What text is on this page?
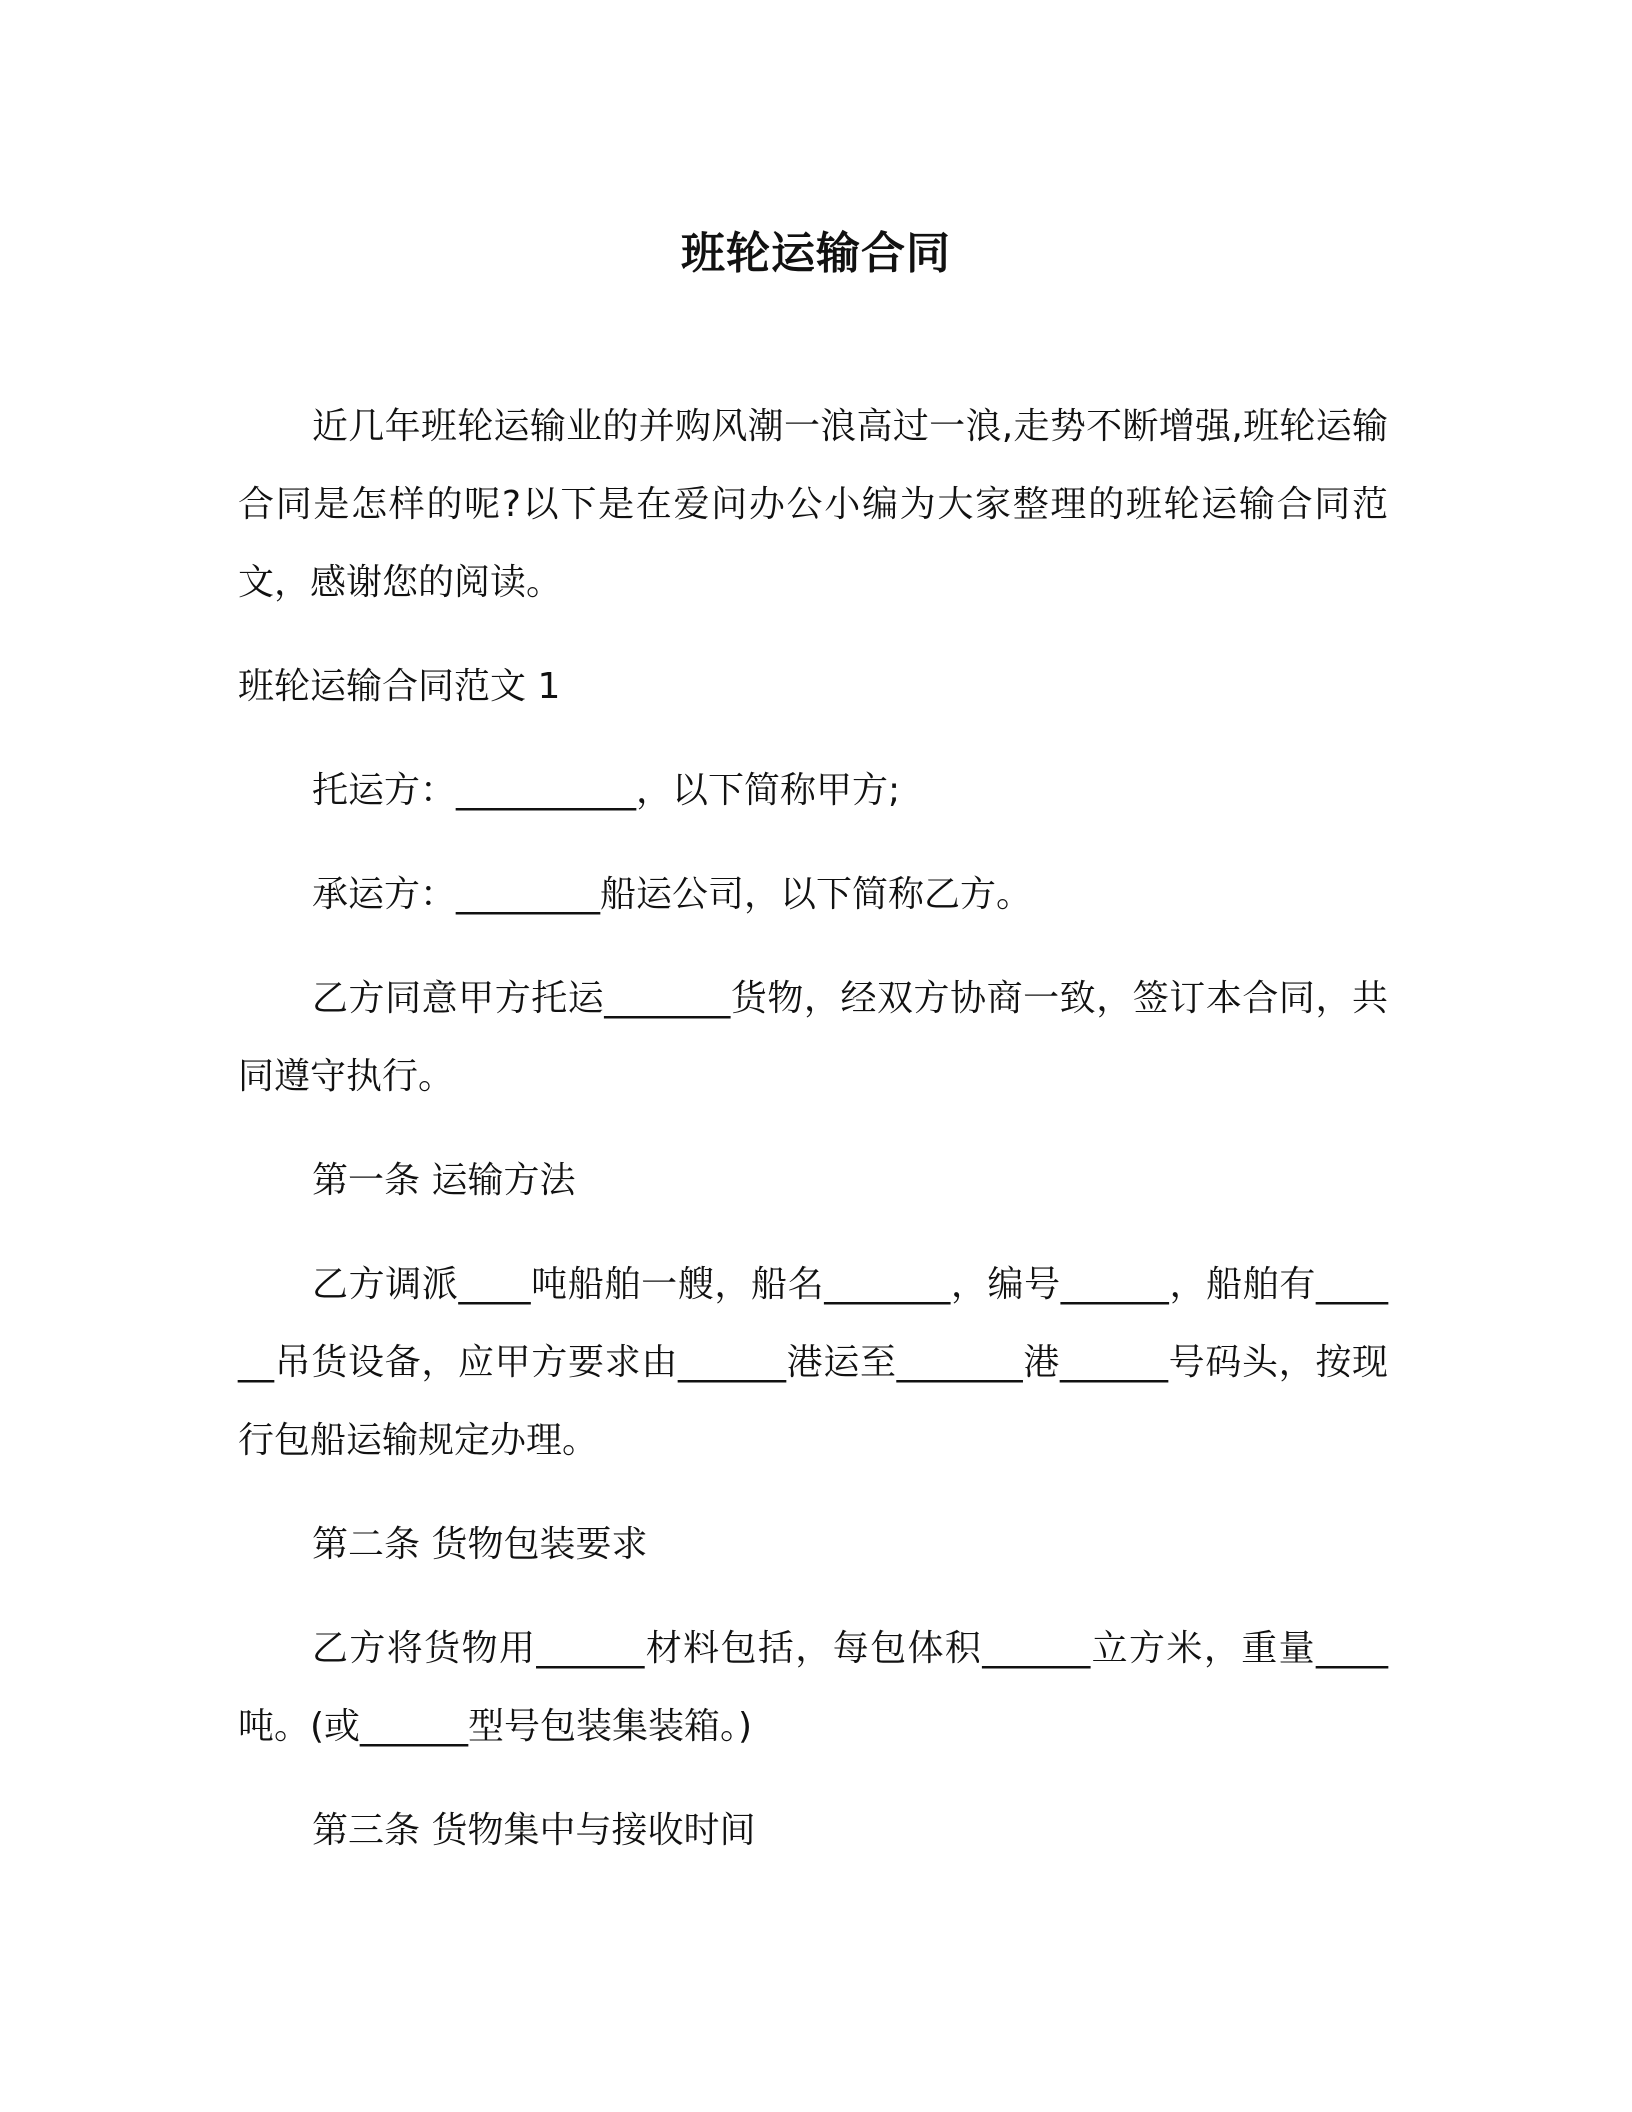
班轮运输合同

近几年班轮运输业的并购风潮一浪高过一浪,走势不断增强,班轮运输合同是怎样的呢?以下是在爱问办公小编为大家整理的班轮运输合同范文，感谢您的阅读。

班轮运输合同范文 1

托运方：__________，以下简称甲方;

承运方：________船运公司，以下简称乙方。

乙方同意甲方托运_______货物，经双方协商一致，签订本合同，共同遵守执行。

第一条 运输方法

乙方调派____吨船舶一艘，船名_______，编号______，船舶有______吊货设备，应甲方要求由______港运至_______港______号码头，按现行包船运输规定办理。

第二条 货物包装要求

乙方将货物用______材料包括，每包体积______立方米，重量____吨。(或______型号包装集装箱。)

第三条 货物集中与接收时间
